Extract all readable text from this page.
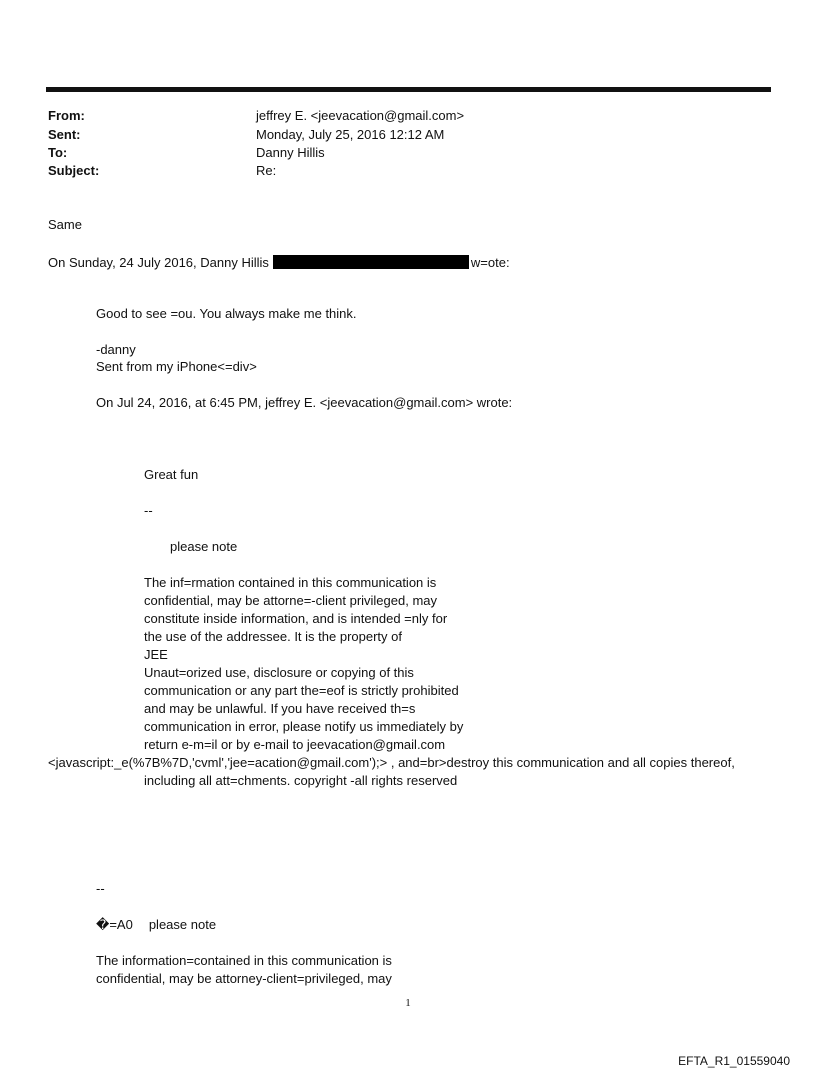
From:	jeffrey E. <jeevacation@gmail.com>
Sent:	Monday, July 25, 2016 12:12 AM
To:	Danny Hillis
Subject:	Re:
Same
On Sunday, 24 July 2016, Danny Hillis	w=ote:
Good to see =ou. You always make me think.
-danny
Sent from my iPhone<=div>
On Jul 24, 2016, at 6:45 PM, jeffrey E. <jeevacation@gmail.com> wrote:
Great fun
--
please note
The inf=rmation contained in this communication is
confidential, may be attorne=-client privileged, may
constitute inside information, and is intended =nly for
the use of the addressee. It is the property of
JEE
Unaut=orized use, disclosure or copying of this
communication or any part the=eof is strictly prohibited
and may be unlawful. If you have received th=s
communication in error, please notify us immediately by
return e-m=il or by e-mail to jeevacation@gmail.com
<javascript:_e(%7B%7D,'cvml','jee=acation@gmail.com');> , and=br>destroy this communication and all copies thereof,
including all att=chments. copyright -all rights reserved
--
�=A0 please note
The information=contained in this communication is
confidential, may be attorney-client=privileged, may
1
EFTA_R1_01559040
